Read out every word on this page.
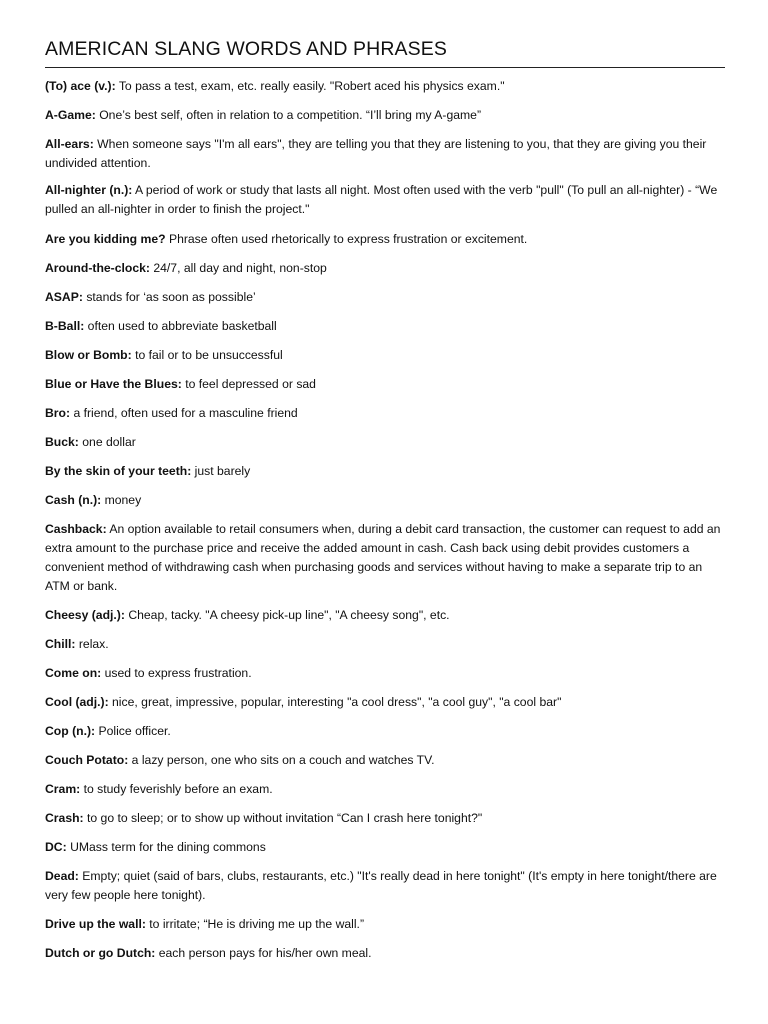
AMERICAN SLANG WORDS AND PHRASES
(To) ace (v.): To pass a test, exam, etc. really easily. "Robert aced his physics exam."
A-Game: One’s best self, often in relation to a competition. “I’ll bring my A-game”
All-ears: When someone says "I'm all ears", they are telling you that they are listening to you, that they are giving you their undivided attention.
All-nighter (n.): A period of work or study that lasts all night. Most often used with the verb "pull" (To pull an all-nighter) - “We pulled an all-nighter in order to finish the project."
Are you kidding me? Phrase often used rhetorically to express frustration or excitement.
Around-the-clock: 24/7, all day and night, non-stop
ASAP: stands for ‘as soon as possible’
B-Ball: often used to abbreviate basketball
Blow or Bomb: to fail or to be unsuccessful
Blue or Have the Blues: to feel depressed or sad
Bro: a friend, often used for a masculine friend
Buck: one dollar
By the skin of your teeth: just barely
Cash (n.): money
Cashback: An option available to retail consumers when, during a debit card transaction, the customer can request to add an extra amount to the purchase price and receive the added amount in cash. Cash back using debit provides customers a convenient method of withdrawing cash when purchasing goods and services without having to make a separate trip to an ATM or bank.
Cheesy (adj.): Cheap, tacky. "A cheesy pick-up line", "A cheesy song", etc.
Chill: relax.
Come on: used to express frustration.
Cool (adj.): nice, great, impressive, popular, interesting "a cool dress", "a cool guy", "a cool bar"
Cop (n.): Police officer.
Couch Potato: a lazy person, one who sits on a couch and watches TV.
Cram: to study feverishly before an exam.
Crash: to go to sleep; or to show up without invitation “Can I crash here tonight?"
DC: UMass term for the dining commons
Dead: Empty; quiet (said of bars, clubs, restaurants, etc.) "It's really dead in here tonight" (It's empty in here tonight/there are very few people here tonight).
Drive up the wall: to irritate; “He is driving me up the wall.”
Dutch or go Dutch: each person pays for his/her own meal.
